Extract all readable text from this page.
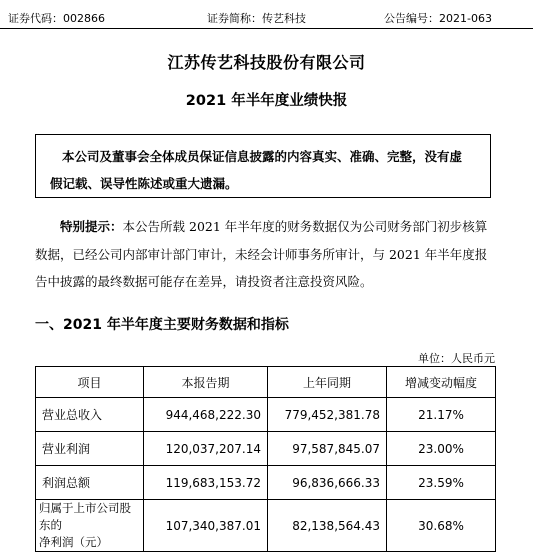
证券代码：002866	证券简称：传艺科技	公告编号：2021-063
江苏传艺科技股份有限公司
2021 年半年度业绩快报
本公司及董事会全体成员保证信息披露的内容真实、准确、完整，没有虚
假记载、误导性陈述或重大遗漏。
特别提示：本公告所载 2021 年半年度的财务数据仅为公司财务部门初步核算数据，已经公司内部审计部门审计，未经会计师事务所审计，与 2021 年半年度报告中披露的最终数据可能存在差异，请投资者注意投资风险。
一、2021 年半年度主要财务数据和指标
单位：人民币元
项目	本报告期	上年同期	增减变动幅度
营业总收入	944,468,222.30	779,452,381.78	21.17%
营业利润	120,037,207.14	97,587,845.07	23.00%
利润总额	119,683,153.72	96,836,666.33	23.59%

归属于上市公司股东的
净利润（元）	107,340,387.01	82,138,564.43	30.68%
